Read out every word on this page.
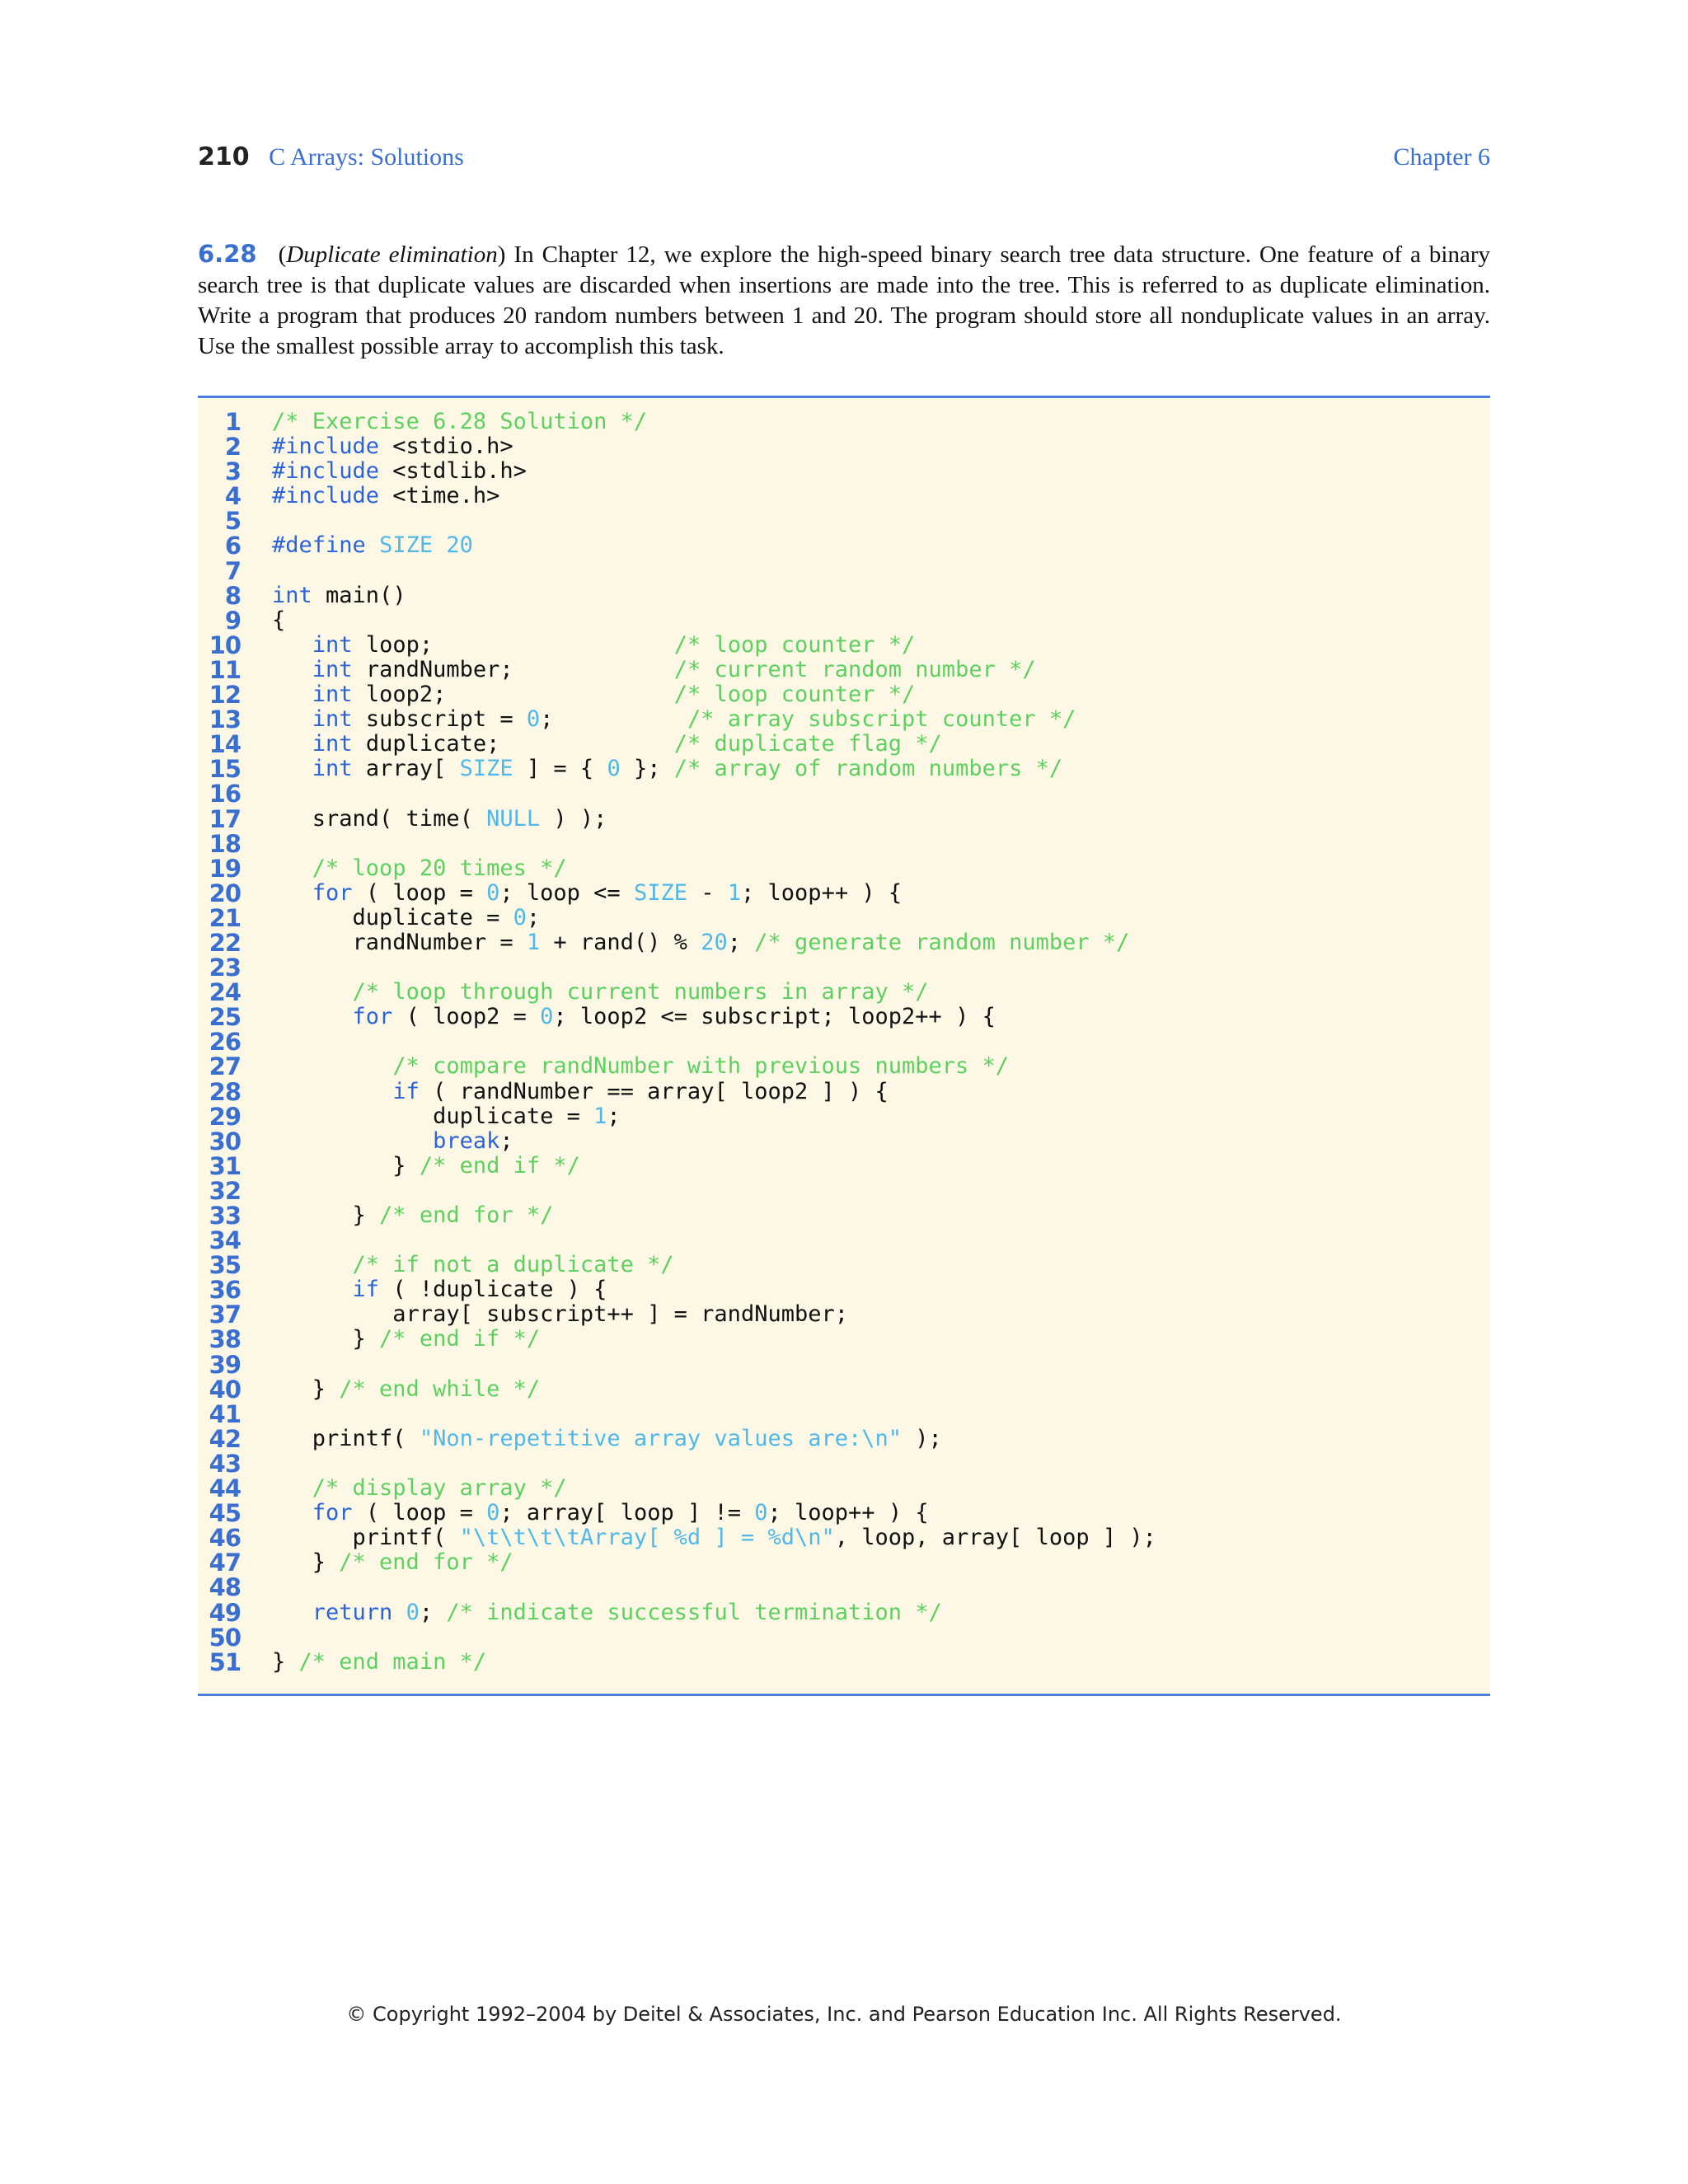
210 C Arrays: Solutions	Chapter 6
6.28 (Duplicate elimination) In Chapter 12, we explore the high-speed binary search tree data structure. One feature of a binary search tree is that duplicate values are discarded when insertions are made into the tree. This is referred to as duplicate elimination. Write a program that produces 20 random numbers between 1 and 20. The program should store all nonduplicate values in an array. Use the smallest possible array to accomplish this task.
1 /* Exercise 6.28 Solution */
2 #include <stdio.h>
3 #include <stdlib.h>
4 #include <time.h>
5
6 #define SIZE 20
7
8 int main()
9 {
10	int loop;                  /* loop counter */
11	int randNumber;            /* current random number */
12	int loop2;                 /* loop counter */
13	int subscript = 0;          /* array subscript counter */
14	int duplicate;             /* duplicate flag */
15	int array[ SIZE ] = { 0 }; /* array of random numbers */
16
17 srand( time( NULL ) );
18
19	/* loop 20 times */
20	for ( loop = 0; loop <= SIZE - 1; loop++ ) {
21 duplicate = 0;
22 randNumber = 1 + rand() % 20; /* generate random number */
23
24	/* loop through current numbers in array */
25	for ( loop2 = 0; loop2 <= subscript; loop2++ ) {
26
27	/* compare randNumber with previous numbers */
28	if ( randNumber == array[ loop2 ] ) {
29 duplicate = 1;
30	break;
31 } /* end if */
32
33 } /* end for */
34
35	/* if not a duplicate */
36	if ( !duplicate ) {
37 array[ subscript++ ] = randNumber;
38 } /* end if */
39
40 } /* end while */
41
42 printf( "Non-repetitive array values are:\n" );
43
44	/* display array */
45	for ( loop = 0; array[ loop ] != 0; loop++ ) {
46 printf( "\t\t\t\tArray[ %d ] = %d\n", loop, array[ loop ] );
47 } /* end for */
48
49	return 0; /* indicate successful termination */
50
51 } /* end main */
© Copyright 1992–2004 by Deitel & Associates, Inc. and Pearson Education Inc. All Rights Reserved.
